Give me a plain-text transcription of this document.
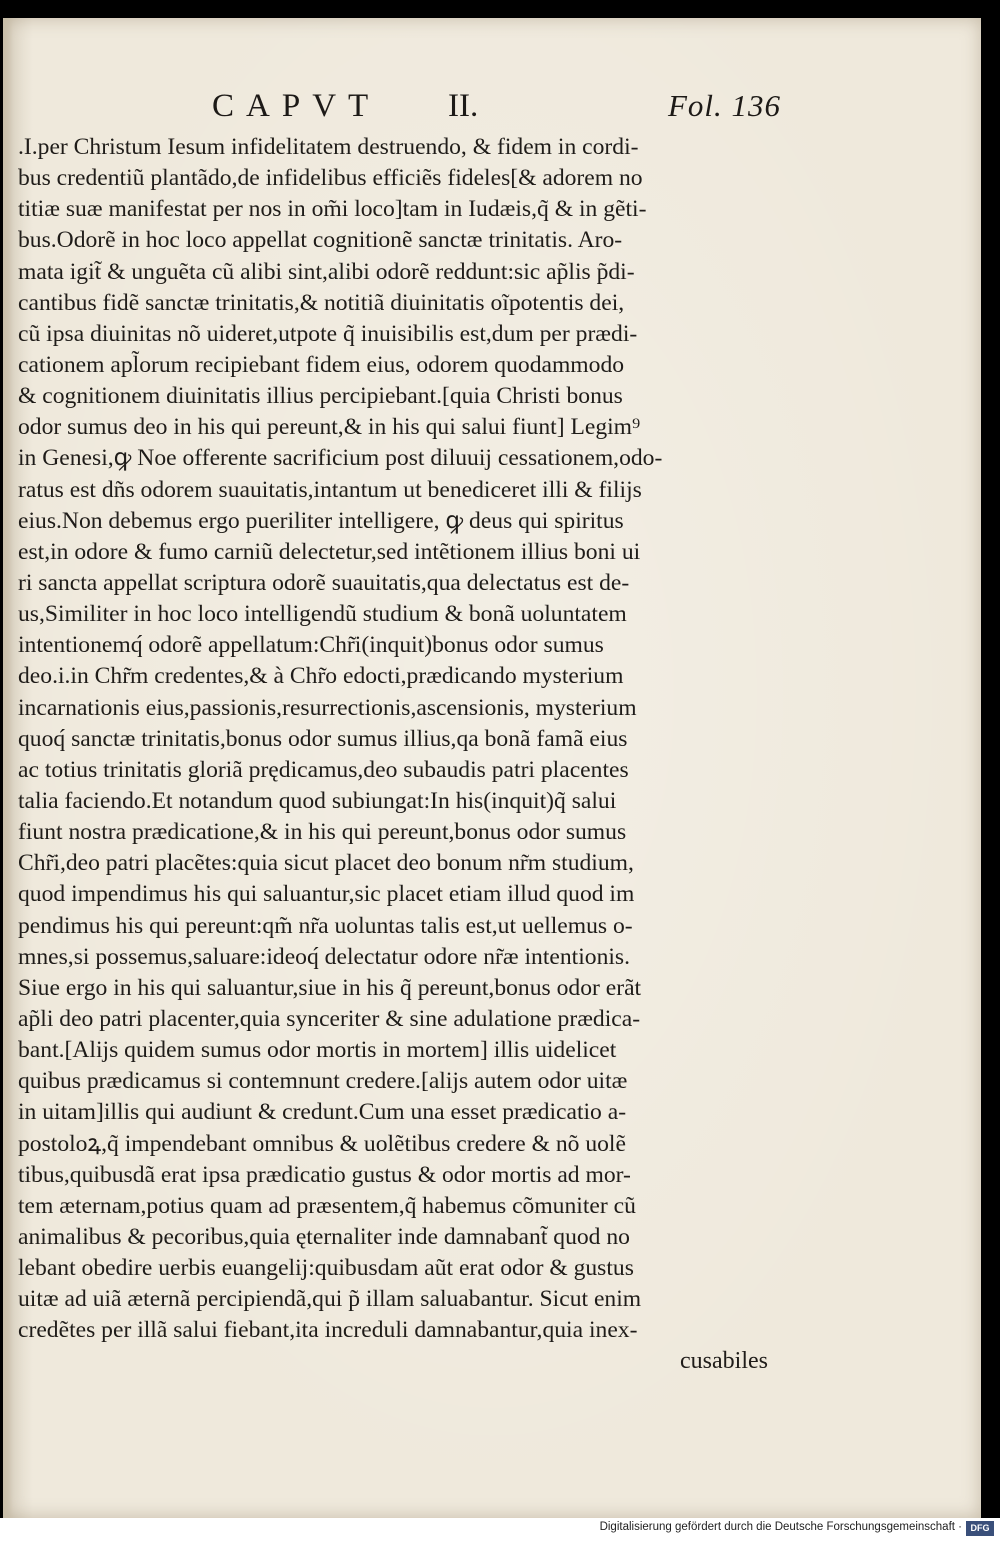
CAPVT II.	Fol. 136
.I.per Christum Iesum infidelitatem destruendo, & fidem in cordi-
bus credentiũ plantãdo,de infidelibus efficiẽs fideles[& adorem no
titiæ suæ manifestat per nos in om̃i loco]tam in Iudæis,q̃ & in gẽti-
bus.Odorẽ in hoc loco appellat cognitionẽ sanctæ trinitatis. Aro-
mata igit̃ & unguẽta cũ alibi sint,alibi odorẽ reddunt:sic ap̃lis p̃di-
cantibus fidẽ sanctæ trinitatis,& notitiã diuinitatis oĩpotentis dei,
cũ ipsa diuinitas nõ uideret,utpote q̃ inuisibilis est,dum per prædi-
cationem apl̃orum recipiebant fidem eius, odorem quodammodo
& cognitionem diuinitatis illius percipiebant.[quia Christi bonus
odor sumus deo in his qui pereunt,& in his qui salui fiunt] Legim⁹
in Genesi,ꝙ Noe offerente sacrificium post diluuij cessationem,odo-
ratus est dñs odorem suauitatis,intantum ut benediceret illi & filijs
eius.Non debemus ergo pueriliter intelligere, ꝙ deus qui spiritus
est,in odore & fumo carniũ delectetur,sed intẽtionem illius boni ui
ri sancta appellat scriptura odorẽ suauitatis,qua delectatus est de-
us,Similiter in hoc loco intelligendũ studium & bonã uoluntatem
intentionemq́ odorẽ appellatum:Chr̃i(inquit)bonus odor sumus
deo.i.in Chr̃m credentes,& à Chr̃o edocti,prædicando mysterium
incarnationis eius,passionis,resurrectionis,ascensionis, mysterium
quoq́ sanctæ trinitatis,bonus odor sumus illius,qa bonã famã eius
ac totius trinitatis gloriã prędicamus,deo subaudis patri placentes
talia faciendo.Et notandum quod subiungat:In his(inquit)q̃ salui
fiunt nostra prædicatione,& in his qui pereunt,bonus odor sumus
Chr̃i,deo patri placẽtes:quia sicut placet deo bonum nr̃m studium,
quod impendimus his qui saluantur,sic placet etiam illud quod im
pendimus his qui pereunt:qm̃ nr̃a uoluntas talis est,ut uellemus o-
mnes,si possemus,saluare:ideoq́ delectatur odore nr̃æ intentionis.
Siue ergo in his qui saluantur,siue in his q̃ pereunt,bonus odor erãt
ap̃li deo patri placenter,quia synceriter & sine adulatione prædica-
bant.[Alijs quidem sumus odor mortis in mortem] illis uidelicet
quibus prædicamus si contemnunt credere.[alijs autem odor uitæ
in uitam]illis qui audiunt & credunt.Cum una esset prædicatio a-
postoloꝝ,q̃ impendebant omnibus & uolẽtibus credere & nõ uolẽ
tibus,quibusdã erat ipsa prædicatio gustus & odor mortis ad mor-
tem æternam,potius quam ad præsentem,q̃ habemus cõmuniter cũ
animalibus & pecoribus,quia ęternaliter inde damnabant̃ quod no
lebant obedire uerbis euangelij:quibusdam aũt erat odor & gustus
uitæ ad uiã æternã percipiendã,qui p̃ illam saluabantur. Sicut enim
credẽtes per illã salui fiebant,ita increduli damnabantur,quia inex-
cusabiles
Digitalisierung gefördert durch die Deutsche Forschungsgemeinschaft · DFG
